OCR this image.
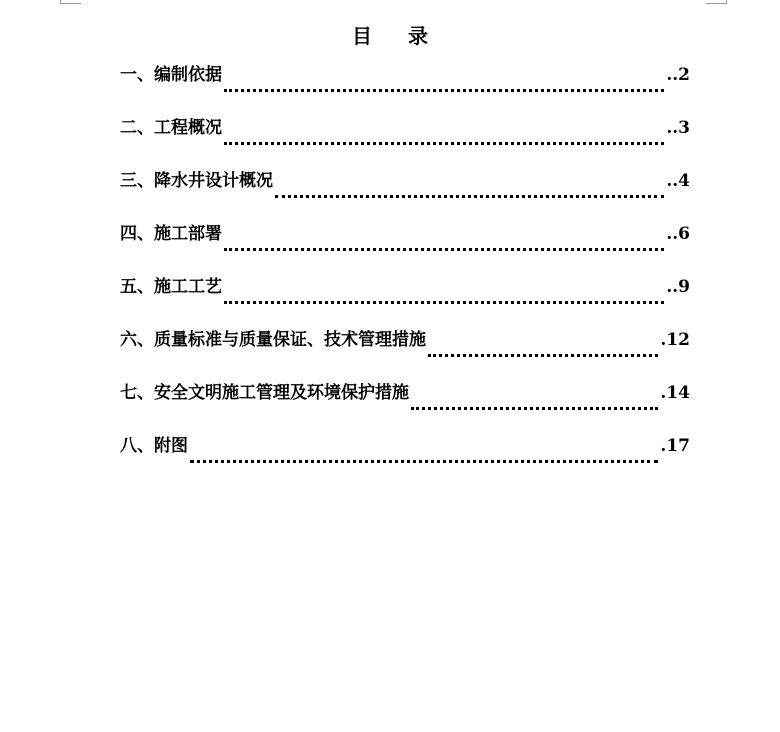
目 录
一、编制依据	..2
二、工程概况	..3
三、降水井设计概况	..4
四、施工部署	..6
五、施工工艺	..9
六、质量标准与质量保证、技术管理措施	.12
七、安全文明施工管理及环境保护措施	.14
八、附图	.17
